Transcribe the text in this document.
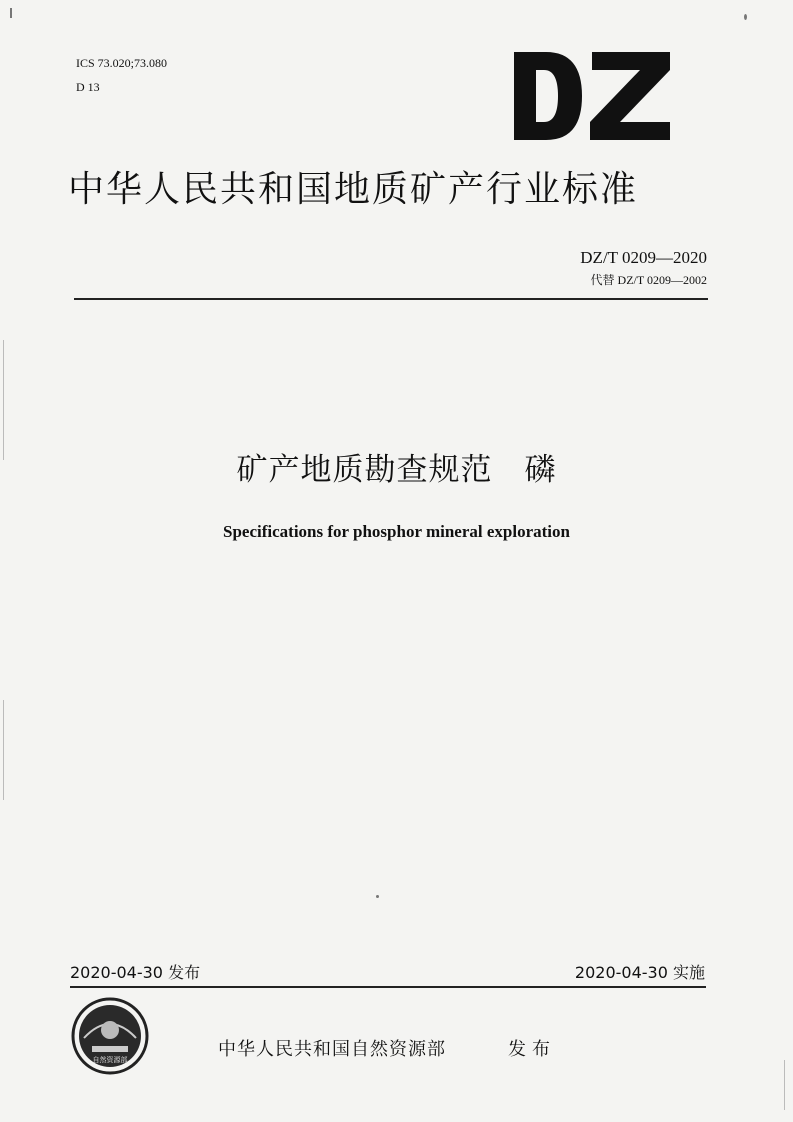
ICS 73.020;73.080
D 13
中华人民共和国地质矿产行业标准
DZ/T 0209—2020
代替 DZ/T 0209—2002
矿产地质勘查规范　磷
Specifications for phosphor mineral exploration
2020-04-30 发布	2020-04-30 实施
自然资源部	中华人民共和国自然资源部	发布
